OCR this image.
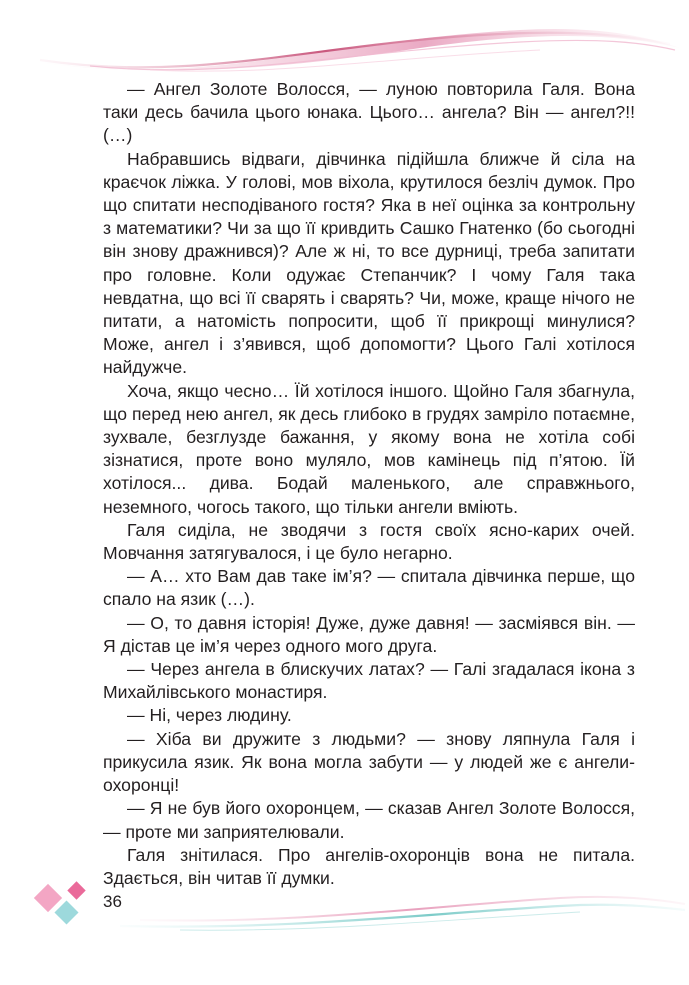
— Ангел Золоте Волосся, — луною повторила Галя. Вона таки десь бачила цього юнака. Цього… ангела? Він — ангел?!! (…)

Набравшись відваги, дівчинка підійшла ближче й сіла на краєчок ліжка. У голові, мов віхола, крутилося безліч думок. Про що спитати несподіваного гостя? Яка в неї оцінка за контрольну з математики? Чи за що її кривдить Сашко Гнатенко (бо сьогодні він знову дражнився)? Але ж ні, то все дурниці, треба запитати про головне. Коли одужає Степанчик? І чому Галя така невдатна, що всі її сварять і сварять? Чи, може, краще нічого не питати, а натомість попросити, щоб її прикрощі минулися? Може, ангел і з’явився, щоб допомогти? Цього Галі хотілося найдужче.

Хоча, якщо чесно… Їй хотілося іншого. Щойно Галя збагнула, що перед нею ангел, як десь глибоко в грудях замріло потаємне, зухвале, безглузде бажання, у якому вона не хотіла собі зізнатися, проте воно муляло, мов камінець під п’ятою. Їй хотілося... дива. Бодай маленького, але справжнього, неземного, чогось такого, що тільки ангели вміють.

Галя сиділа, не зводячи з гостя своїх ясно-карих очей. Мовчання затягувалося, і це було негарно.

— А… хто Вам дав таке ім’я? — спитала дівчинка перше, що спало на язик (…).

— О, то давня історія! Дуже, дуже давня! — засміявся він. — Я дістав це ім’я через одного мого друга.

— Через ангела в блискучих латах? — Галі згадалася ікона з Михайлівського монастиря.

— Ні, через людину.

— Хіба ви дружите з людьми? — знову ляпнула Галя і прикусила язик. Як вона могла забути — у людей же є ангели-охоронці!

— Я не був його охоронцем, — сказав Ангел Золоте Волосся, — проте ми заприятелювали.

Галя знітилася. Про ангелів-охоронців вона не питала. Здається, він читав її думки.

36
